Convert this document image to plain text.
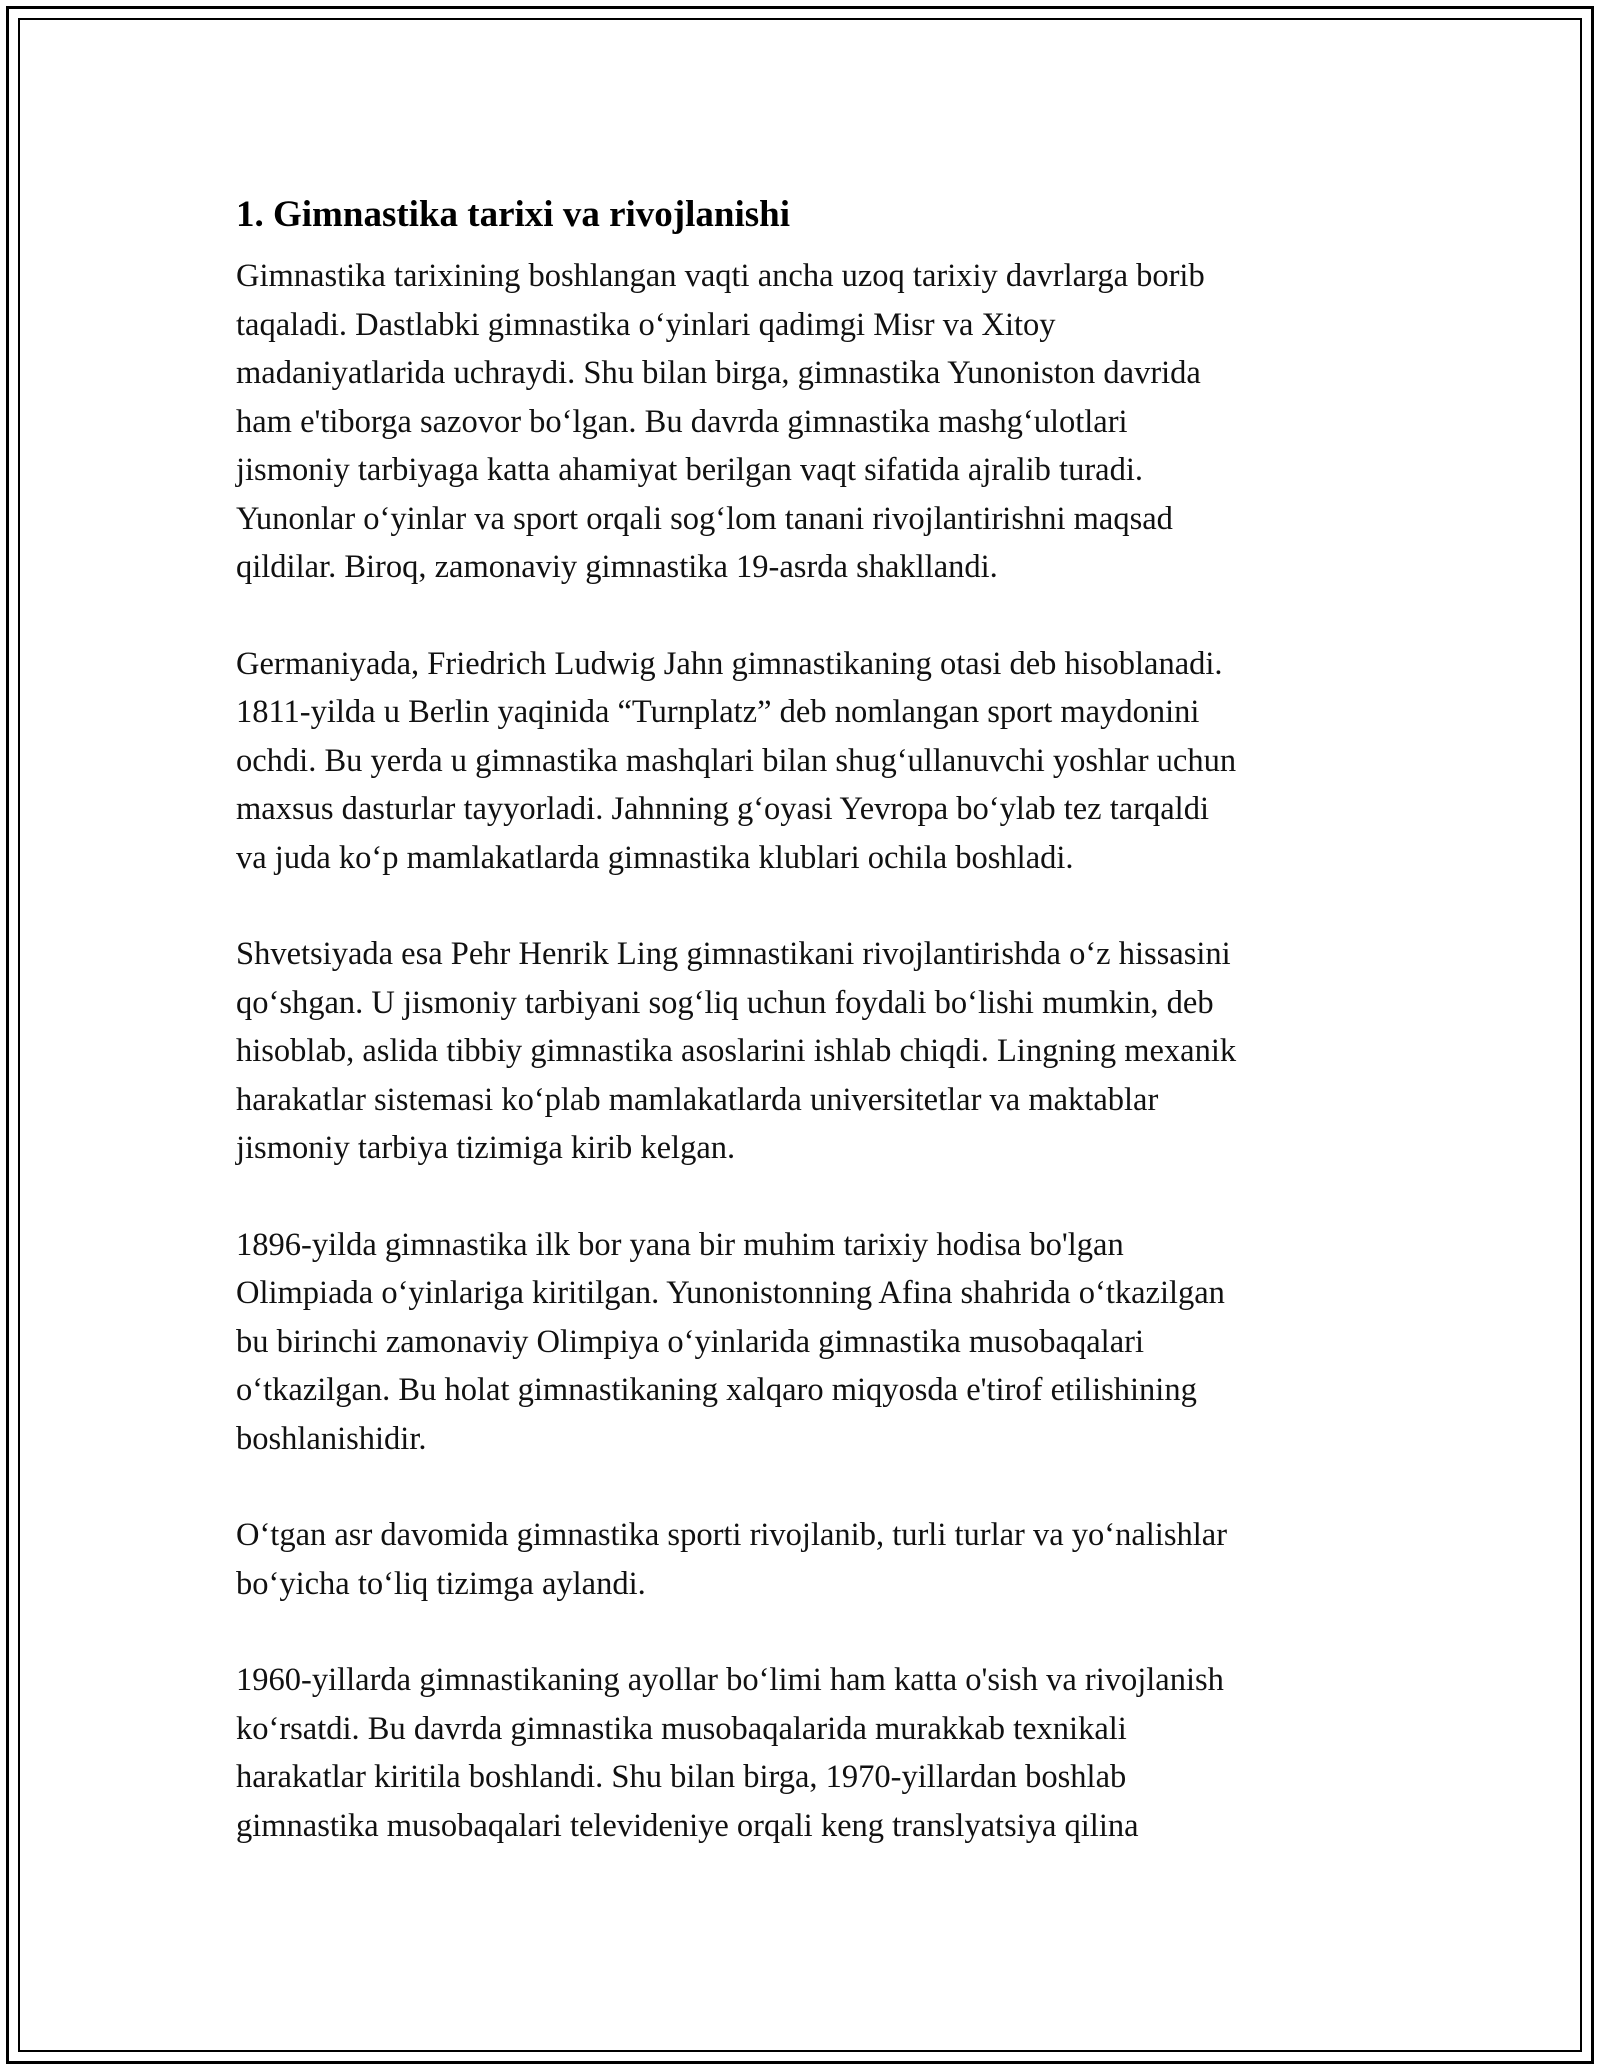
1. Gimnastika tarixi va rivojlanishi

Gimnastika tarixining boshlangan vaqti ancha uzoq tarixiy davrlarga borib
taqaladi. Dastlabki gimnastika o‘yinlari qadimgi Misr va Xitoy
madaniyatlarida uchraydi. Shu bilan birga, gimnastika Yunoniston davrida
ham e'tiborga sazovor bo‘lgan. Bu davrda gimnastika mashg‘ulotlari
jismoniy tarbiyaga katta ahamiyat berilgan vaqt sifatida ajralib turadi.
Yunonlar o‘yinlar va sport orqali sog‘lom tanani rivojlantirishni maqsad
qildilar. Biroq, zamonaviy gimnastika 19-asrda shakllandi.

Germaniyada, Friedrich Ludwig Jahn gimnastikaning otasi deb hisoblanadi.
1811-yilda u Berlin yaqinida “Turnplatz” deb nomlangan sport maydonini
ochdi. Bu yerda u gimnastika mashqlari bilan shug‘ullanuvchi yoshlar uchun
maxsus dasturlar tayyorladi. Jahnning g‘oyasi Yevropa bo‘ylab tez tarqaldi
va juda ko‘p mamlakatlarda gimnastika klublari ochila boshladi.

Shvetsiyada esa Pehr Henrik Ling gimnastikani rivojlantirishda o‘z hissasini
qo‘shgan. U jismoniy tarbiyani sog‘liq uchun foydali bo‘lishi mumkin, deb
hisoblab, aslida tibbiy gimnastika asoslarini ishlab chiqdi. Lingning mexanik
harakatlar sistemasi ko‘plab mamlakatlarda universitetlar va maktablar
jismoniy tarbiya tizimiga kirib kelgan.

1896-yilda gimnastika ilk bor yana bir muhim tarixiy hodisa bo'lgan
Olimpiada o‘yinlariga kiritilgan. Yunonistonning Afina shahrida o‘tkazilgan
bu birinchi zamonaviy Olimpiya o‘yinlarida gimnastika musobaqalari
o‘tkazilgan. Bu holat gimnastikaning xalqaro miqyosda e'tirof etilishining
boshlanishidir.

O‘tgan asr davomida gimnastika sporti rivojlanib, turli turlar va yo‘nalishlar
bo‘yicha to‘liq tizimga aylandi.

1960-yillarda gimnastikaning ayollar bo‘limi ham katta o'sish va rivojlanish
ko‘rsatdi. Bu davrda gimnastika musobaqalarida murakkab texnikali
harakatlar kiritila boshlandi. Shu bilan birga, 1970-yillardan boshlab
gimnastika musobaqalari televideniye orqali keng translyatsiya qilina
